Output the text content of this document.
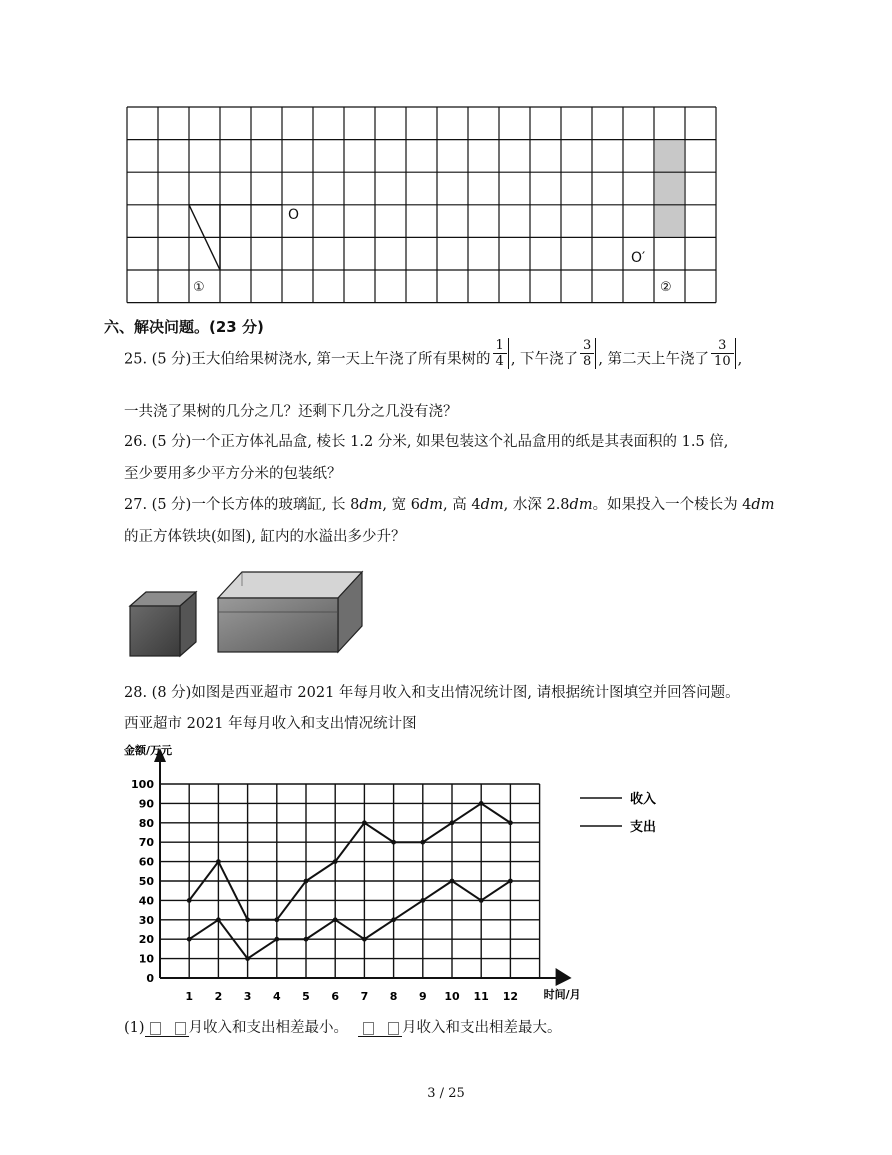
O
O′
①	②
六、解决问题。(23 分)
25. (5 分)王大伯给果树浇水, 第一天上午浇了所有果树的 $\frac{1}{4}$ , 下午浇了 $\frac{3}{8}$ , 第二天上午浇了 $\frac{3}{10}$ ,
一共浇了果树的几分之几？还剩下几分之几没有浇？
26. (5 分)一个正方体礼品盒, 棱长 1.2 分米, 如果包装这个礼品盒用的纸是其表面积的 1.5 倍,
至少要用多少平方分米的包装纸？
27. (5 分)一个长方体的玻璃缸, 长 8dm, 宽 6dm, 高 4dm, 水深 2.8dm。如果投入一个棱长为 4dm
的正方体铁块(如图), 缸内的水溢出多少升？
28. (8 分)如图是西亚超市 2021 年每月收入和支出情况统计图, 请根据统计图填空并回答问题。
西亚超市 2021 年每月收入和支出情况统计图
0
10
20
30
40
50
60
70
80
90
100
1 2 3 4 5 6 7 8 9 10 11 12
金额/万元
时间/月
收入
支出
(1)	月收入和支出相差最小。	月收入和支出相差最大。
3 / 25
